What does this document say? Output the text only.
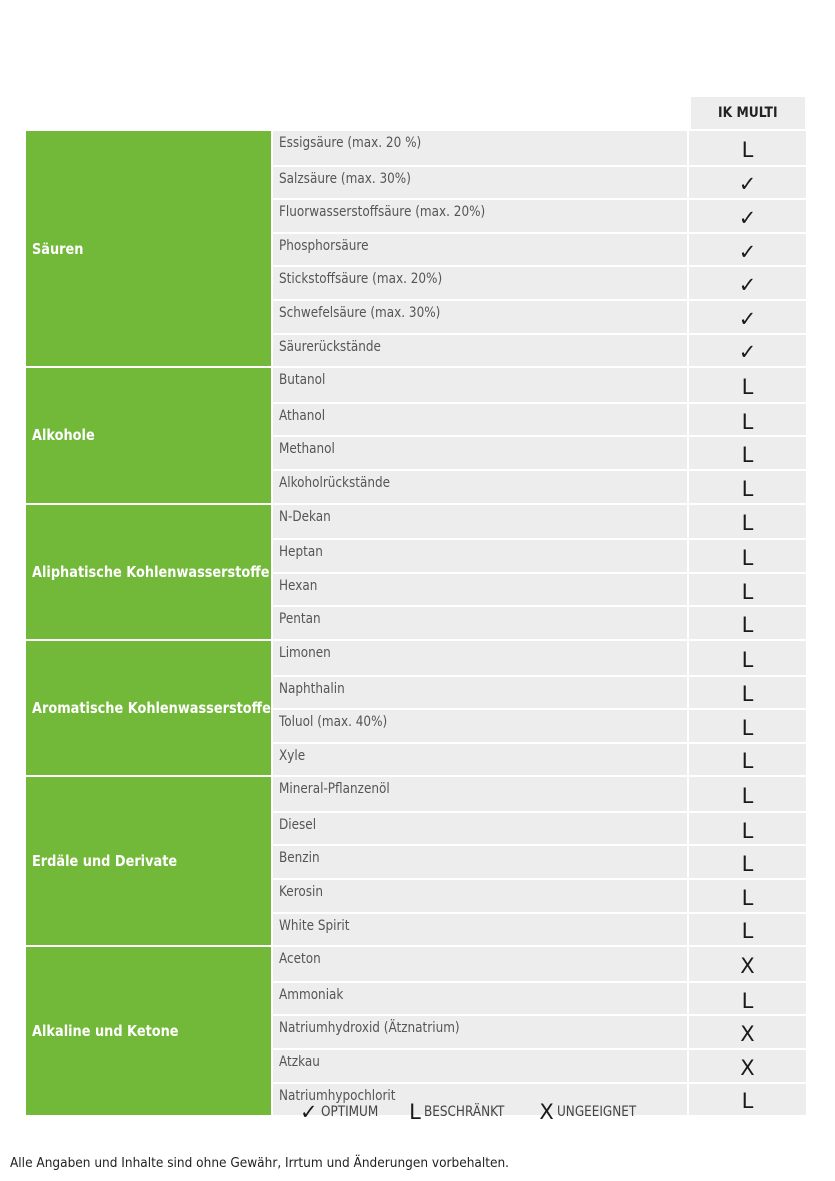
IK MULTI
Säuren
Essigsäure (max. 20 %)	L
Salzsäure (max. 30%)	✓
Fluorwasserstoffsäure (max. 20%)	✓
Phosphorsäure	✓
Stickstoffsäure (max. 20%)	✓
Schwefelsäure (max. 30%)	✓
Säurerückstände	✓
Alkohole
Butanol	L
Athanol	L
Methanol	L
Alkoholrückstände	L
Aliphatische Kohlenwasserstoffe
N-Dekan	L
Heptan	L
Hexan	L
Pentan	L
Aromatische Kohlenwasserstoffe
Limonen	L
Naphthalin	L
Toluol (max. 40%)	L
Xyle	L
Erdäle und Derivate
Mineral-Pflanzenöl	L
Diesel	L
Benzin	L
Kerosin	L
White Spirit	L
Alkaline und Ketone
Aceton	X
Ammoniak	L
Natriumhydroxid (Ätznatrium)	X
Atzkau	X
Natriumhypochlorit	L
✓ OPTIMUM L BESCHRÄNKT X UNGEEIGNET
Alle Angaben und Inhalte sind ohne Gewähr, Irrtum und Änderungen vorbehalten.
